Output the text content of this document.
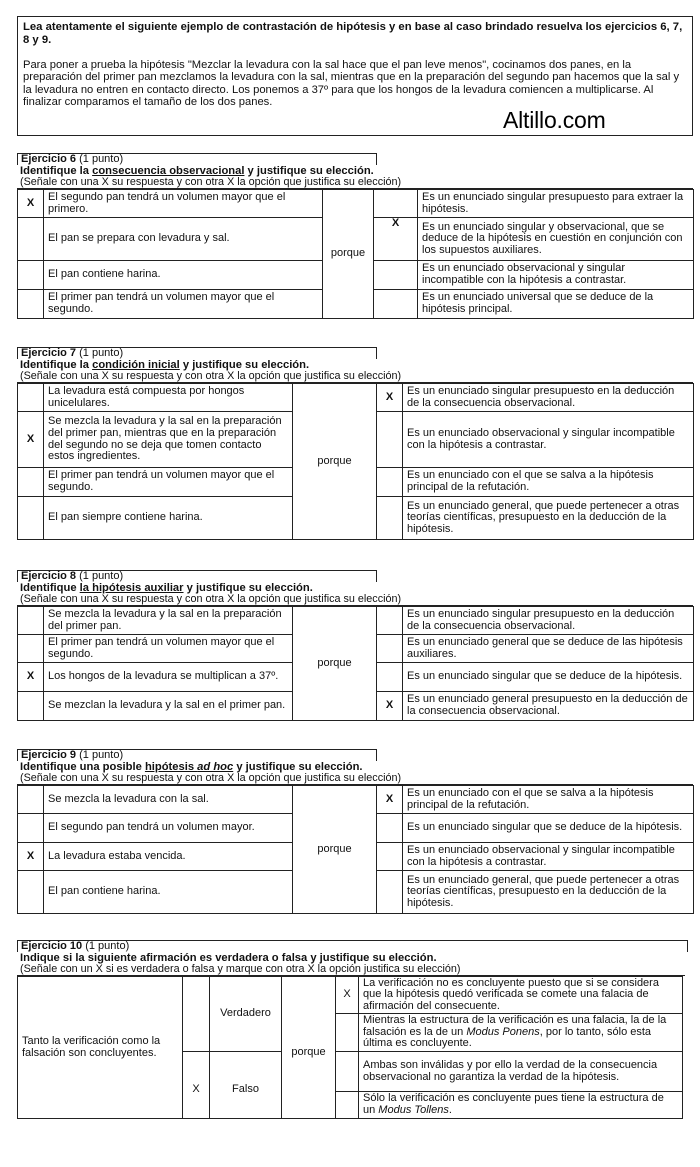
Lea atentamente el siguiente ejemplo de contrastación de hipótesis y en base al caso brindado resuelva los ejercicios 6, 7, 8 y 9.
Para poner a prueba la hipótesis "Mezclar la levadura con la sal hace que el pan leve menos", cocinamos dos panes, en la preparación del primer pan mezclamos la levadura con la sal, mientras que en la preparación del segundo pan hacemos que la sal y la levadura no entren en contacto directo. Los ponemos a 37º para que los hongos de la levadura comiencen a multiplicarse. Al finalizar comparamos el tamaño de los dos panes.
Altillo.com
Ejercicio 6 (1 punto)
Identifique la consecuencia observacional y justifique su elección.
(Señale con una X su respuesta y con otra X la opción que justifica su elección)
X	El segundo pan tendrá un volumen mayor que el primero.	porque		Es un enunciado singular presupuesto para extraer la hipótesis.
	El pan se prepara con levadura y sal.		X	Es un enunciado singular y observacional, que se deduce de la hipótesis en cuestión en conjunción con los supuestos auxiliares.
	El pan contiene harina.			Es un enunciado observacional y singular incompatible con la hipótesis a contrastar.
	El primer pan tendrá un volumen mayor que el segundo.			Es un enunciado universal que se deduce de la hipótesis principal.
Ejercicio 7 (1 punto)
Identifique la condición inicial y justifique su elección.
(Señale con una X su respuesta y con otra X la opción que justifica su elección)
	La levadura está compuesta por hongos unicelulares.	porque	X	Es un enunciado singular presupuesto en la deducción de la consecuencia observacional.
X	Se mezcla la levadura y la sal en la preparación del primer pan, mientras que en la preparación del segundo no se deja que tomen contacto estos ingredientes.			Es un enunciado observacional y singular incompatible con la hipótesis a contrastar.
	El primer pan tendrá un volumen mayor que el segundo.			Es un enunciado con el que se salva a la hipótesis principal de la refutación.
	El pan siempre contiene harina.			Es un enunciado general, que puede pertenecer a otras teorías científicas, presupuesto en la deducción de la hipótesis.
Ejercicio 8 (1 punto)
Identifique la hipótesis auxiliar y justifique su elección.
(Señale con una X su respuesta y con otra X la opción que justifica su elección)
	Se mezcla la levadura y la sal en la preparación del primer pan.	porque		Es un enunciado singular presupuesto en la deducción de la consecuencia observacional.
	El primer pan tendrá un volumen mayor que el segundo.			Es un enunciado general que se deduce de las hipótesis auxiliares.
X	Los hongos de la levadura se multiplican a 37º.			Es un enunciado singular que se deduce de la hipótesis.
	Se mezclan la levadura y la sal en el primer pan.		X	Es un enunciado general presupuesto en la deducción de la consecuencia observacional.
Ejercicio 9 (1 punto)
Identifique una posible hipótesis ad hoc y justifique su elección.
(Señale con una X su respuesta y con otra X la opción que justifica su elección)
	Se mezcla la levadura con la sal.	porque	X	Es un enunciado con el que se salva a la hipótesis principal de la refutación.
	El segundo pan tendrá un volumen mayor.			Es un enunciado singular que se deduce de la hipótesis.
X	La levadura estaba vencida.			Es un enunciado observacional y singular incompatible con la hipótesis a contrastar.
	El pan contiene harina.			Es un enunciado general, que puede pertenecer a otras teorías científicas, presupuesto en la deducción de la hipótesis.
Ejercicio 10 (1 punto)
Indique si la siguiente afirmación es verdadera o falsa y justifique su elección.
(Señale con un X si es verdadera o falsa y marque con otra X la opción justifica su elección)
Tanto la verificación como la falsación son concluyentes.		Verdadero	porque	X	La verificación no es concluyente puesto que si se considera que la hipótesis quedó verificada se comete una falacia de afirmación del consecuente.
					Mientras la estructura de la verificación es una falacia, la de la falsación es la de un Modus Ponens, por lo tanto, sólo esta última es concluyente.
	X	Falso			Ambas son inválidas y por ello la verdad de la consecuencia observacional no garantiza la verdad de la hipótesis.
					Sólo la verificación es concluyente pues tiene la estructura de un Modus Tollens.
